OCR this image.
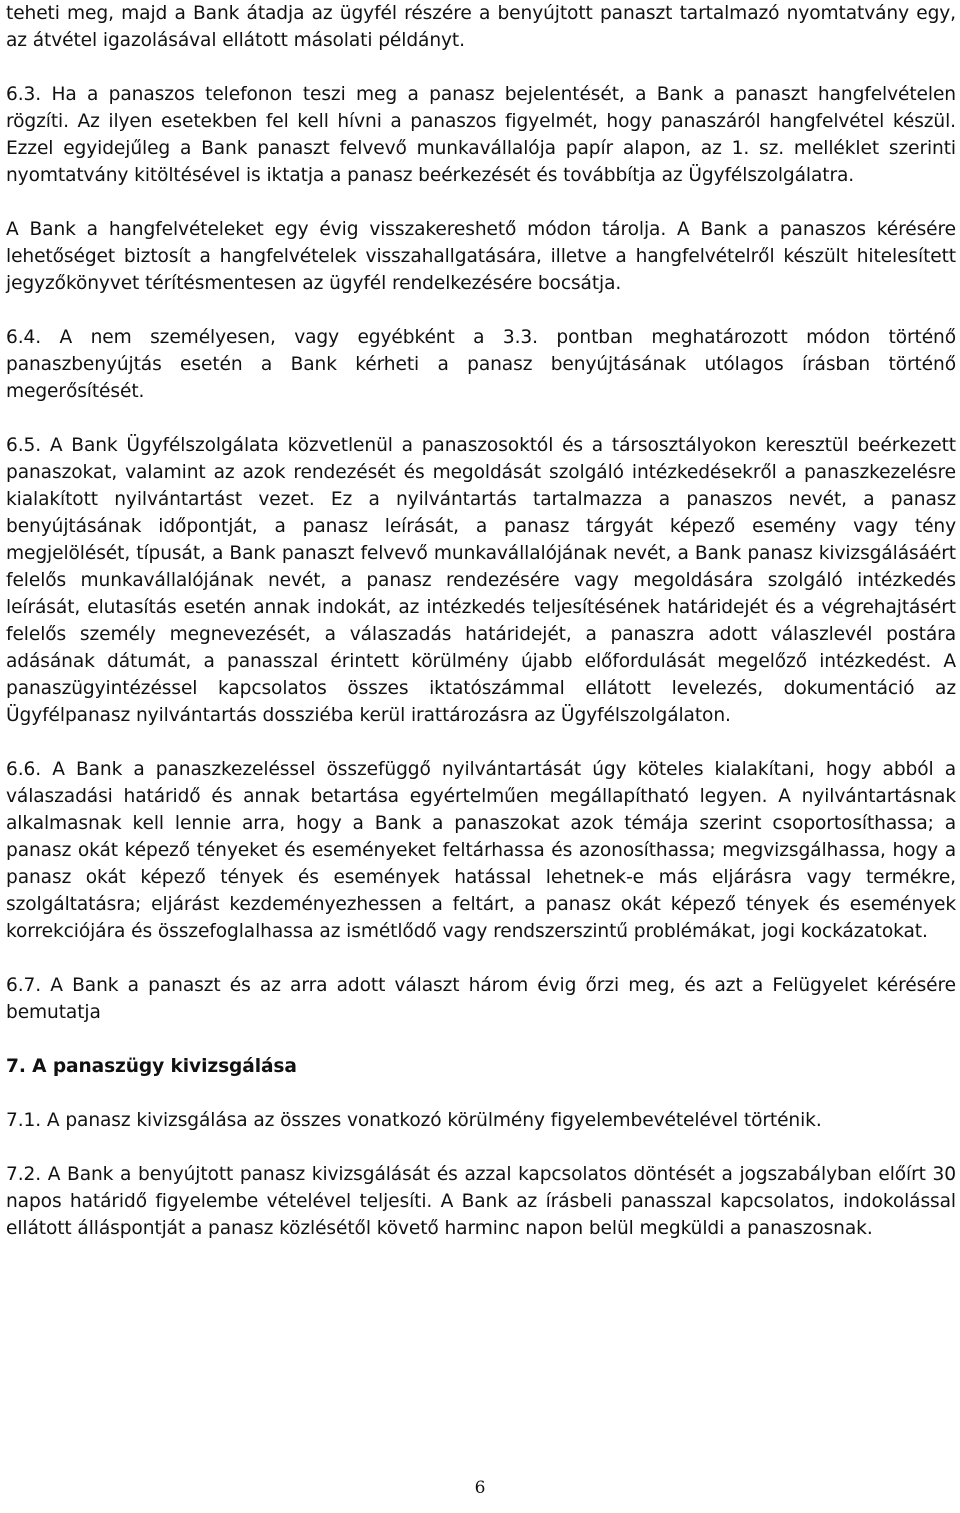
teheti meg, majd a Bank átadja az ügyfél részére a benyújtott panaszt tartalmazó nyomtatvány egy, az átvétel igazolásával ellátott másolati példányt.

6.3. Ha a panaszos telefonon teszi meg a panasz bejelentését, a Bank a panaszt hangfelvételen rögzíti. Az ilyen esetekben fel kell hívni a panaszos figyelmét, hogy panaszáról hangfelvétel készül. Ezzel egyidejűleg a Bank panaszt felvevő munkavállalója papír alapon, az 1. sz. melléklet szerinti nyomtatvány kitöltésével is iktatja a panasz beérkezését és továbbítja az Ügyfélszolgálatra.

A Bank a hangfelvételeket egy évig visszakereshető módon tárolja. A Bank a panaszos kérésére lehetőséget biztosít a hangfelvételek visszahallgatására, illetve a hangfelvételről készült hitelesített jegyzőkönyvet térítésmentesen az ügyfél rendelkezésére bocsátja.

6.4. A nem személyesen, vagy egyébként a 3.3. pontban meghatározott módon történő panaszbenyújtás esetén a Bank kérheti a panasz benyújtásának utólagos írásban történő megerősítését.

6.5. A Bank Ügyfélszolgálata közvetlenül a panaszosoktól és a társosztályokon keresztül beérkezett panaszokat, valamint az azok rendezését és megoldását szolgáló intézkedésekről a panaszkezelésre kialakított nyilvántartást vezet. Ez a nyilvántartás tartalmazza a panaszos nevét, a panasz benyújtásának időpontját, a panasz leírását, a panasz tárgyát képező esemény vagy tény megjelölését, típusát, a Bank panaszt felvevő munkavállalójának nevét, a Bank panasz kivizsgálásáért felelős munkavállalójának nevét, a panasz rendezésére vagy megoldására szolgáló intézkedés leírását, elutasítás esetén annak indokát, az intézkedés teljesítésének határidejét és a végrehajtásért felelős személy megnevezését, a válaszadás határidejét, a panaszra adott válaszlevél postára adásának dátumát, a panasszal érintett körülmény újabb előfordulását megelőző intézkedést. A panaszügyintézéssel kapcsolatos összes iktatószámmal ellátott levelezés, dokumentáció az Ügyfélpanasz nyilvántartás dossziéba kerül irattározásra az Ügyfélszolgálaton.

6.6. A Bank a panaszkezeléssel összefüggő nyilvántartását úgy köteles kialakítani, hogy abból a válaszadási határidő és annak betartása egyértelműen megállapítható legyen. A nyilvántartásnak alkalmasnak kell lennie arra, hogy a Bank a panaszokat azok témája szerint csoportosíthassa; a panasz okát képező tényeket és eseményeket feltárhassa és azonosíthassa; megvizsgálhassa, hogy a panasz okát képező tények és események hatással lehetnek-e más eljárásra vagy termékre, szolgáltatásra; eljárást kezdeményezhessen a feltárt, a panasz okát képező tények és események korrekciójára és összefoglalhassa az ismétlődő vagy rendszerszintű problémákat, jogi kockázatokat.

6.7. A Bank a panaszt és az arra adott választ három évig őrzi meg, és azt a Felügyelet kérésére bemutatja

7. A panaszügy kivizsgálása

7.1. A panasz kivizsgálása az összes vonatkozó körülmény figyelembevételével történik.

7.2. A Bank a benyújtott panasz kivizsgálását és azzal kapcsolatos döntését a jogszabályban előírt 30 napos határidő figyelembe vételével teljesíti. A Bank az írásbeli panasszal kapcsolatos, indokolással ellátott álláspontját a panasz közlésétől követő harminc napon belül megküldi a panaszosnak.

6
